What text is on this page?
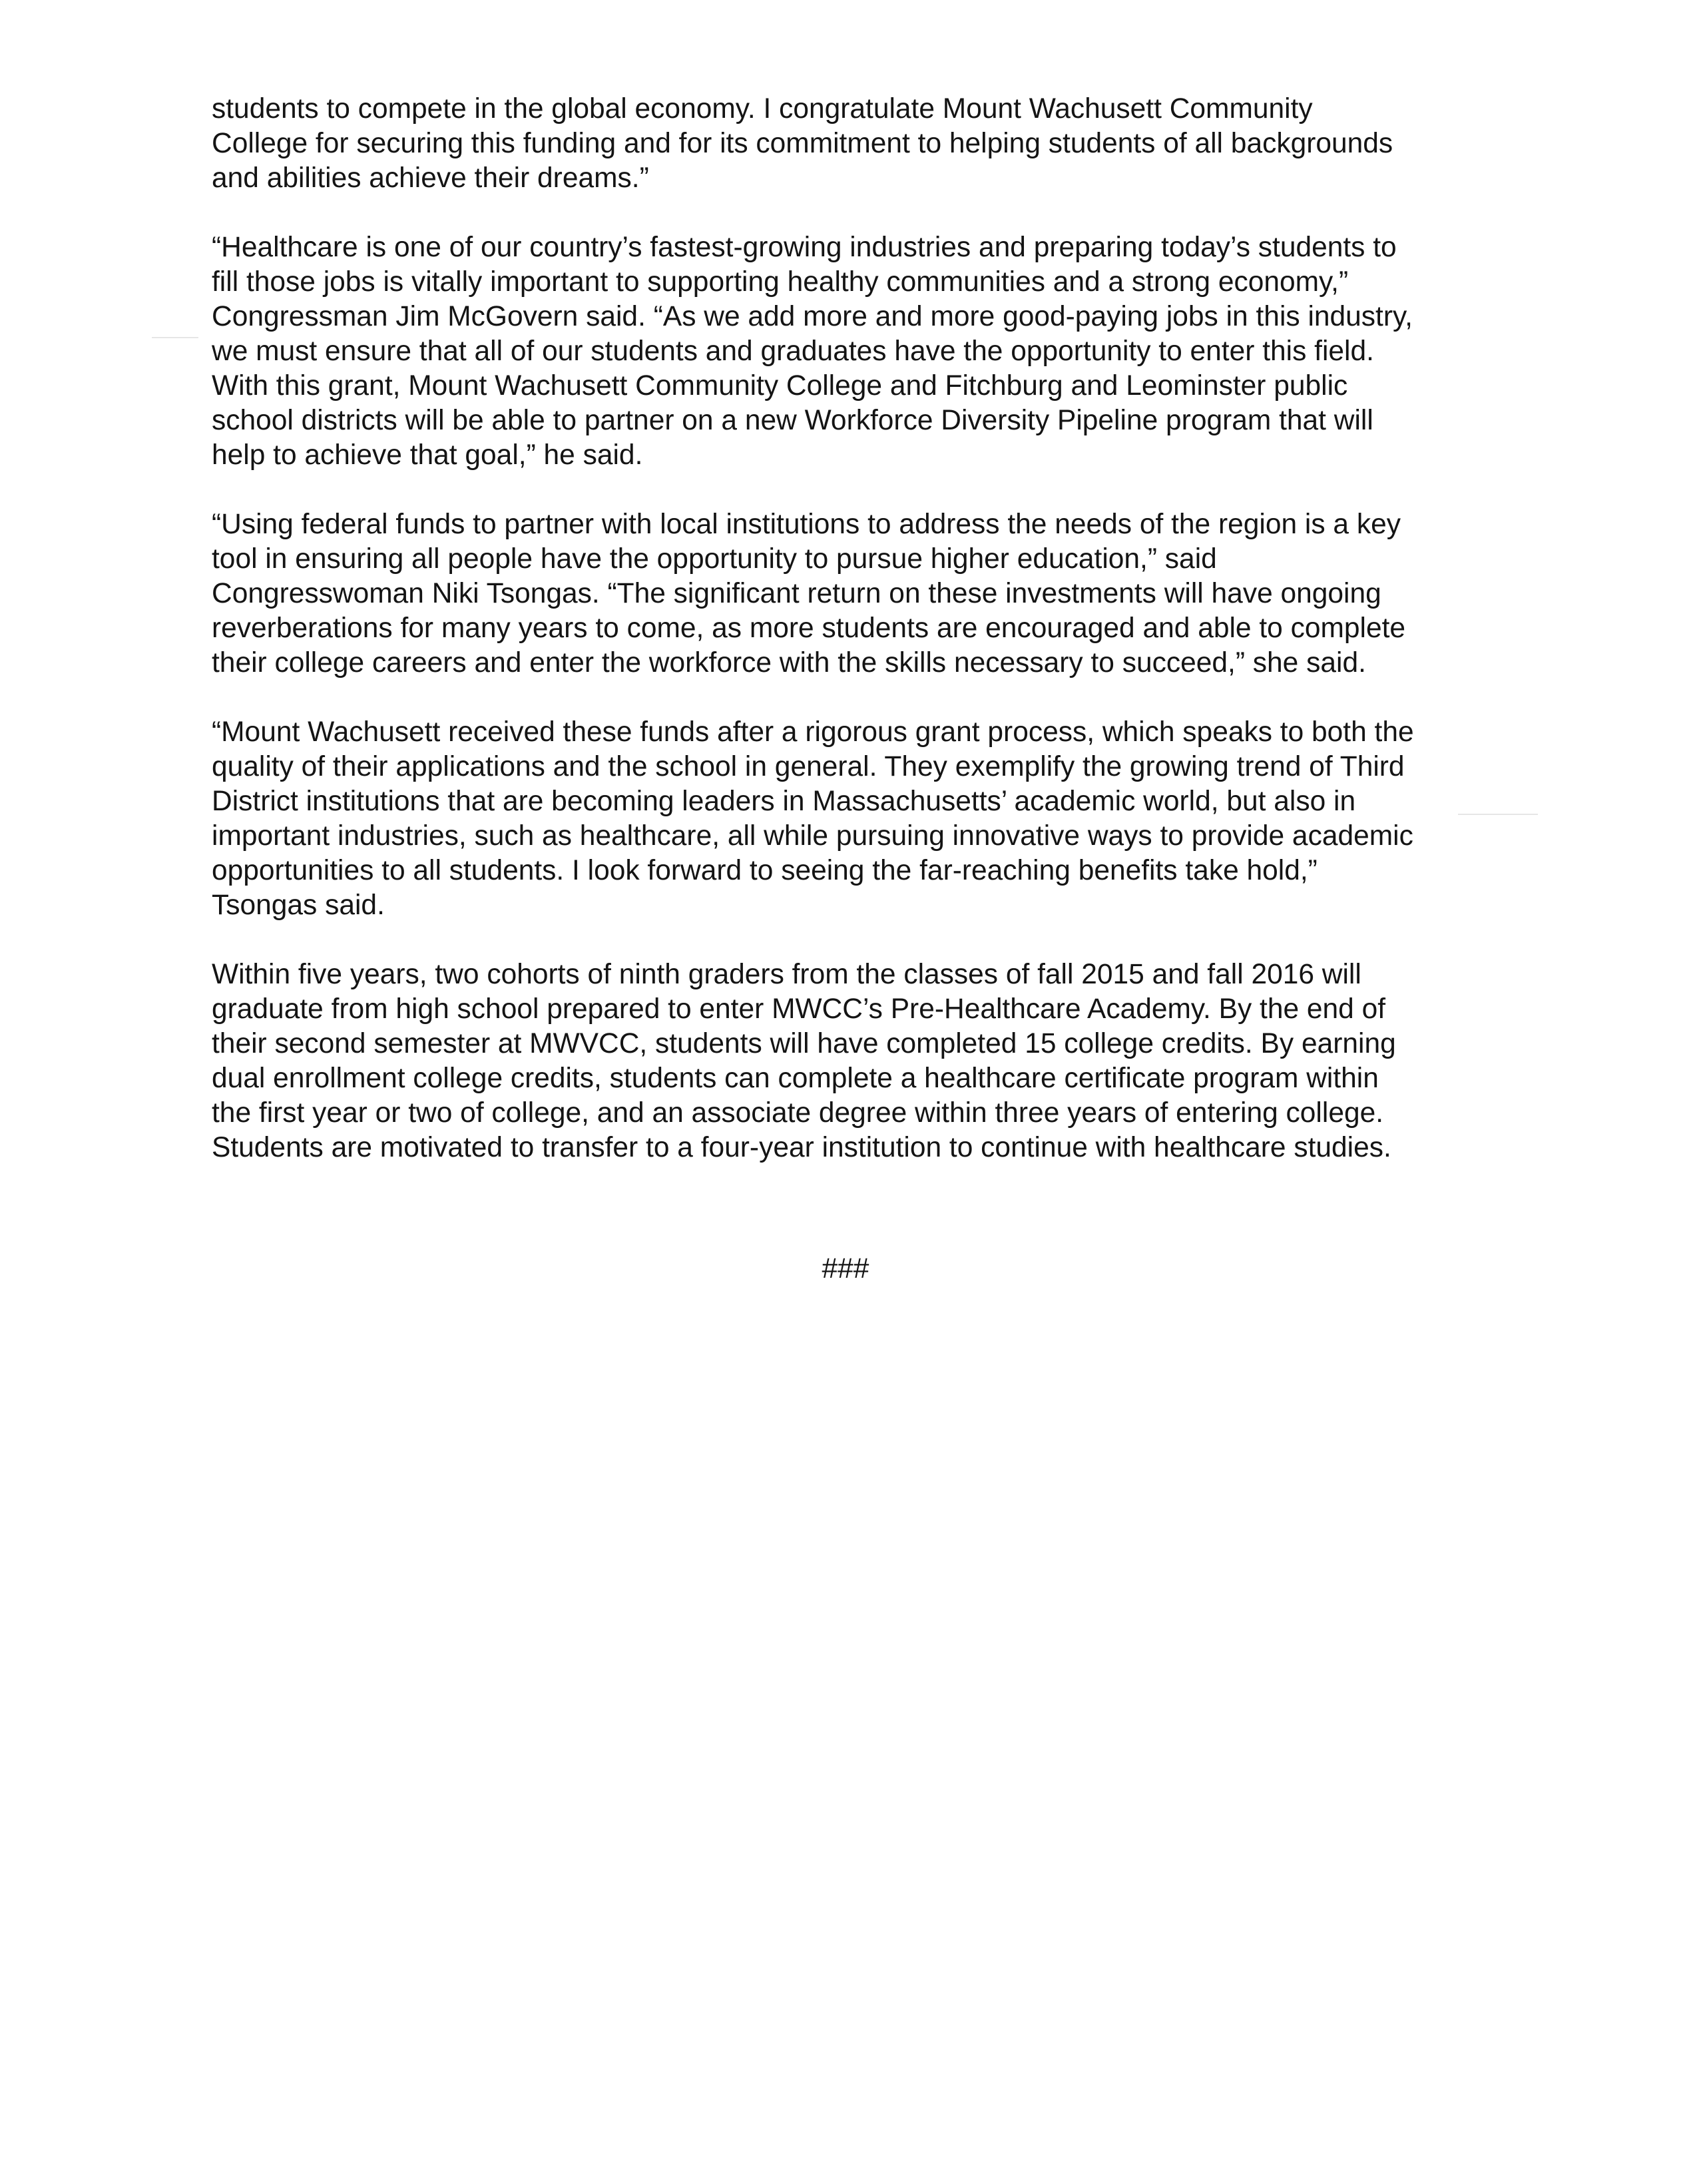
students to compete in the global economy. I congratulate Mount Wachusett Community
College for securing this funding and for its commitment to helping students of all backgrounds
and abilities achieve their dreams.”

“Healthcare is one of our country’s fastest-growing industries and preparing today’s students to
fill those jobs is vitally important to supporting healthy communities and a strong economy,”
Congressman Jim McGovern said. “As we add more and more good-paying jobs in this industry,
we must ensure that all of our students and graduates have the opportunity to enter this field.
With this grant, Mount Wachusett Community College and Fitchburg and Leominster public
school districts will be able to partner on a new Workforce Diversity Pipeline program that will
help to achieve that goal,” he said.

“Using federal funds to partner with local institutions to address the needs of the region is a key
tool in ensuring all people have the opportunity to pursue higher education,” said
Congresswoman Niki Tsongas. “The significant return on these investments will have ongoing
reverberations for many years to come, as more students are encouraged and able to complete
their college careers and enter the workforce with the skills necessary to succeed,” she said.

“Mount Wachusett received these funds after a rigorous grant process, which speaks to both the
quality of their applications and the school in general. They exemplify the growing trend of Third
District institutions that are becoming leaders in Massachusetts’ academic world, but also in
important industries, such as healthcare, all while pursuing innovative ways to provide academic
opportunities to all students. I look forward to seeing the far-reaching benefits take hold,”
Tsongas said.

Within five years, two cohorts of ninth graders from the classes of fall 2015 and fall 2016 will
graduate from high school prepared to enter MWCC’s Pre-Healthcare Academy. By the end of
their second semester at MWVCC, students will have completed 15 college credits. By earning
dual enrollment college credits, students can complete a healthcare certificate program within
the first year or two of college, and an associate degree within three years of entering college.
Students are motivated to transfer to a four-year institution to continue with healthcare studies.

###
